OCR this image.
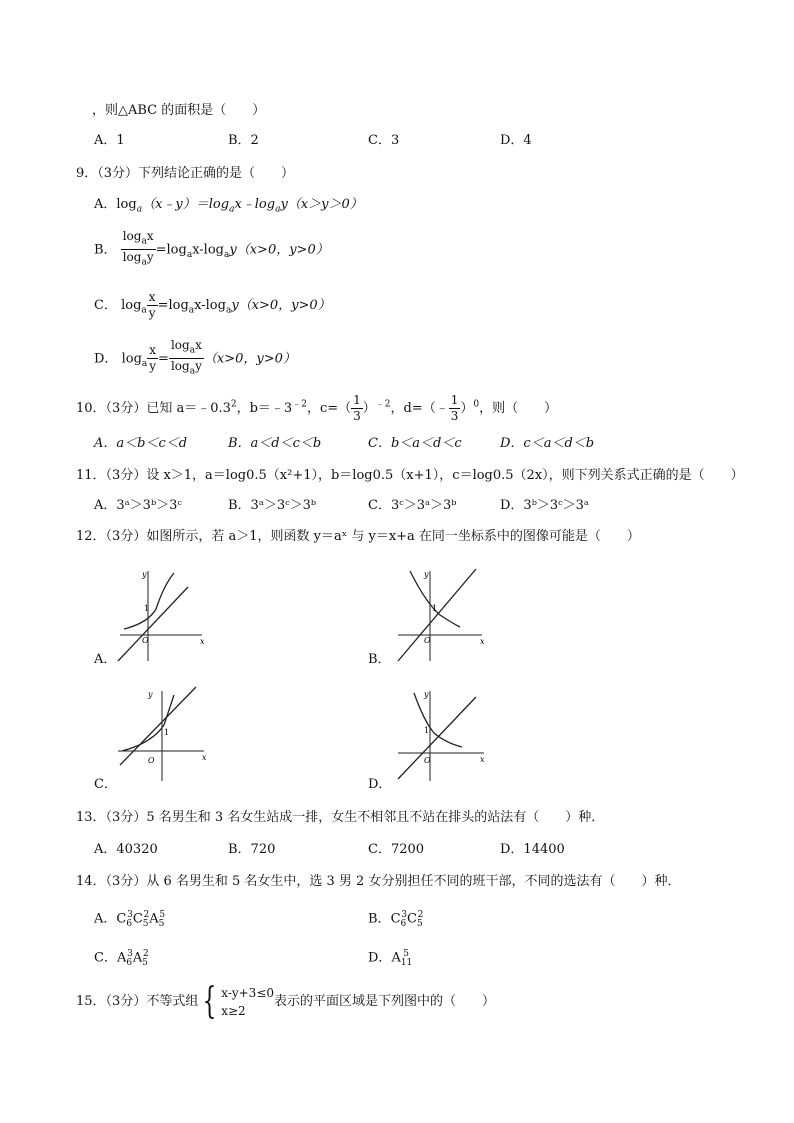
，则△ABC 的面积是（　　）
A．1	B．2	C．3	D．4
9．（3分）下列结论正确的是（　　）
A．$\log_a(x﹣y)=\log_ax﹣\log_ay(x>y>0)$
B． $\frac{\log_ax}{\log_ay} =\log_ax-\log_ay(x>0$，y>0）
C． $\log_a \frac{x}{y} =\log_ax-\log_ay(x>0$，y>0）
D． $\log_a \frac{x}{y} = \frac{\log_ax}{\log_ay} (x>0$，y>0）
10．（3分）已知 $a=﹣0.3^2$，$b=﹣3^{﹣2}$，$c=( \frac{1}{3} )^{﹣2}$，d=（﹣ $\frac{1}{3} )^0$，则（　　）
A．a＜b＜c＜d	B．a＜d＜c＜b	C．b＜a＜d＜c	D．c＜a＜d＜b
11．（3分）设 x＞1，a＝log0.5（x²+1），b＝log0.5（x+1），c＝log0.5（2x），则下列关系式正确的是（　　）
A．3ᵃ＞3ᵇ＞3ᶜ	B．3ᵃ＞3ᶜ＞3ᵇ	C．3ᶜ＞3ᵃ＞3ᵇ	D．3ᵇ＞3ᶜ＞3ᵃ
12．（3分）如图所示，若 a＞1，则函数 y＝aˣ 与 y＝x+a 在同一坐标系中的图像可能是（　　）
y
x
O
1
A．
y
x
O
1
B．
y
x
O
1
C．
y
x
O
1
D．
13．（3分）5 名男生和 3 名女生站成一排，女生不相邻且不站在排头的站法有（　　）种．
A．40320	B．720	C．7200	D．14400
14．（3分）从 6 名男生和 5 名女生中，选 3 男 2 女分别担任不同的班干部，不同的选法有（　　）种．
A．$C_6^3C_5^2A_5^5$	B．$C_6^3C_5^2$
C．$A_6^3A_5^2$	D．$A_{11}^5$
15．（3分）不等式组 { x-y+3≤0
x≥2
表示的平面区域是下列图中的（　　）
